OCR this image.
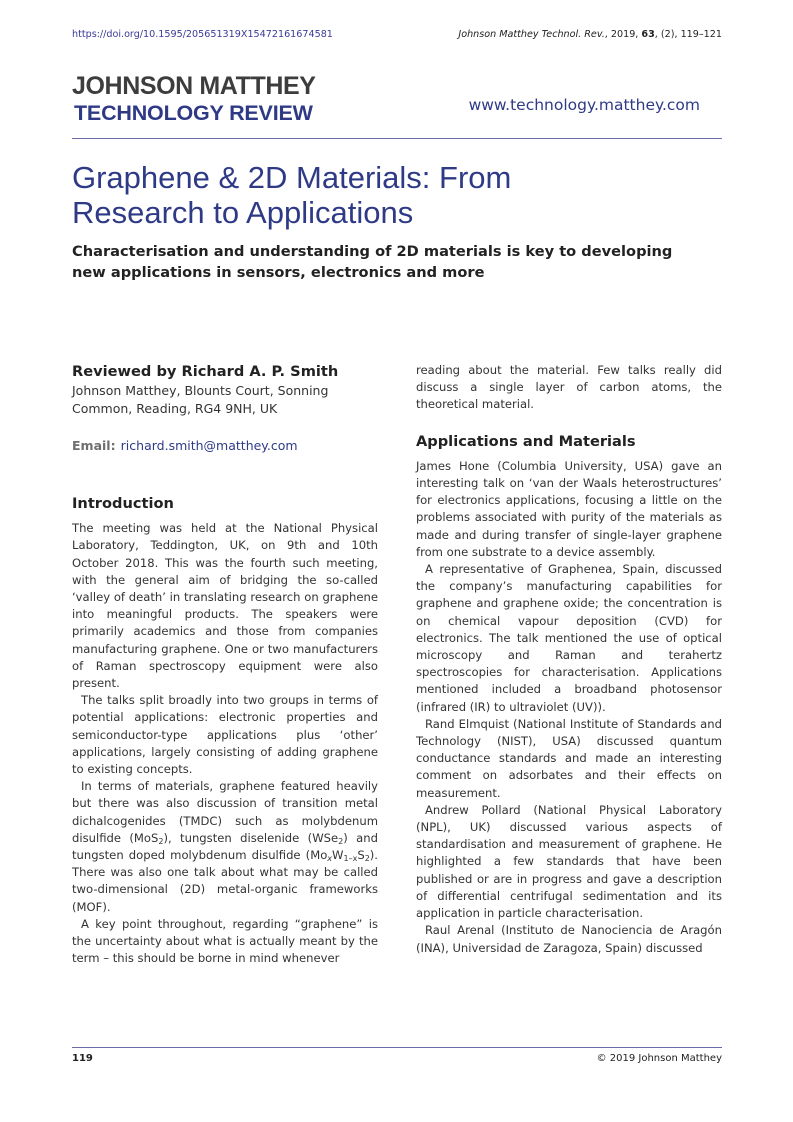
https://doi.org/10.1595/205651319X15472161674581	Johnson Matthey Technol. Rev., 2019, 63, (2), 119–121
JOHNSON MATTHEY
TECHNOLOGY REVIEW	www.technology.matthey.com
Graphene & 2D Materials: From
Research to Applications
Characterisation and understanding of 2D materials is key to developing
new applications in sensors, electronics and more
Reviewed by Richard A. P. Smith
Johnson Matthey, Blounts Court, Sonning
Common, Reading, RG4 9NH, UK
Email: richard.smith@matthey.com
Introduction

The meeting was held at the National Physical Laboratory, Teddington, UK, on 9th and 10th October 2018. This was the fourth such meeting, with the general aim of bridging the so-called ‘valley of death’ in translating research on graphene into meaningful products. The speakers were primarily academics and those from companies manufacturing graphene. One or two manufacturers of Raman spectroscopy equipment were also present.

The talks split broadly into two groups in terms of potential applications: electronic properties and semiconductor-type applications plus ‘other’ applications, largely consisting of adding graphene to existing concepts.

In terms of materials, graphene featured heavily but there was also discussion of transition metal dichalcogenides (TMDC) such as molybdenum disulfide (MoS$_2$), tungsten diselenide (WSe$_2$) and tungsten doped molybdenum disulfide $(Mo_xW_{1-x}S_2)$. There was also one talk about what may be called two-dimensional (2D) metal-organic frameworks (MOF).

A key point throughout, regarding “graphene” is the uncertainty about what is actually meant by the term – this should be borne in mind whenever

reading about the material. Few talks really did discuss a single layer of carbon atoms, the theoretical material.

Applications and Materials

James Hone (Columbia University, USA) gave an interesting talk on ‘van der Waals heterostructures’ for electronics applications, focusing a little on the problems associated with purity of the materials as made and during transfer of single-layer graphene from one substrate to a device assembly.

A representative of Graphenea, Spain, discussed the company’s manufacturing capabilities for graphene and graphene oxide; the concentration is on chemical vapour deposition (CVD) for electronics. The talk mentioned the use of optical microscopy and Raman and terahertz spectroscopies for characterisation. Applications mentioned included a broadband photosensor (infrared (IR) to ultraviolet (UV)).

Rand Elmquist (National Institute of Standards and Technology (NIST), USA) discussed quantum conductance standards and made an interesting comment on adsorbates and their effects on measurement.

Andrew Pollard (National Physical Laboratory (NPL), UK) discussed various aspects of standardisation and measurement of graphene. He highlighted a few standards that have been published or are in progress and gave a description of differential centrifugal sedimentation and its application in particle characterisation.

Raul Arenal (Instituto de Nanociencia de Aragón (INA), Universidad de Zaragoza, Spain) discussed

119	© 2019 Johnson Matthey
